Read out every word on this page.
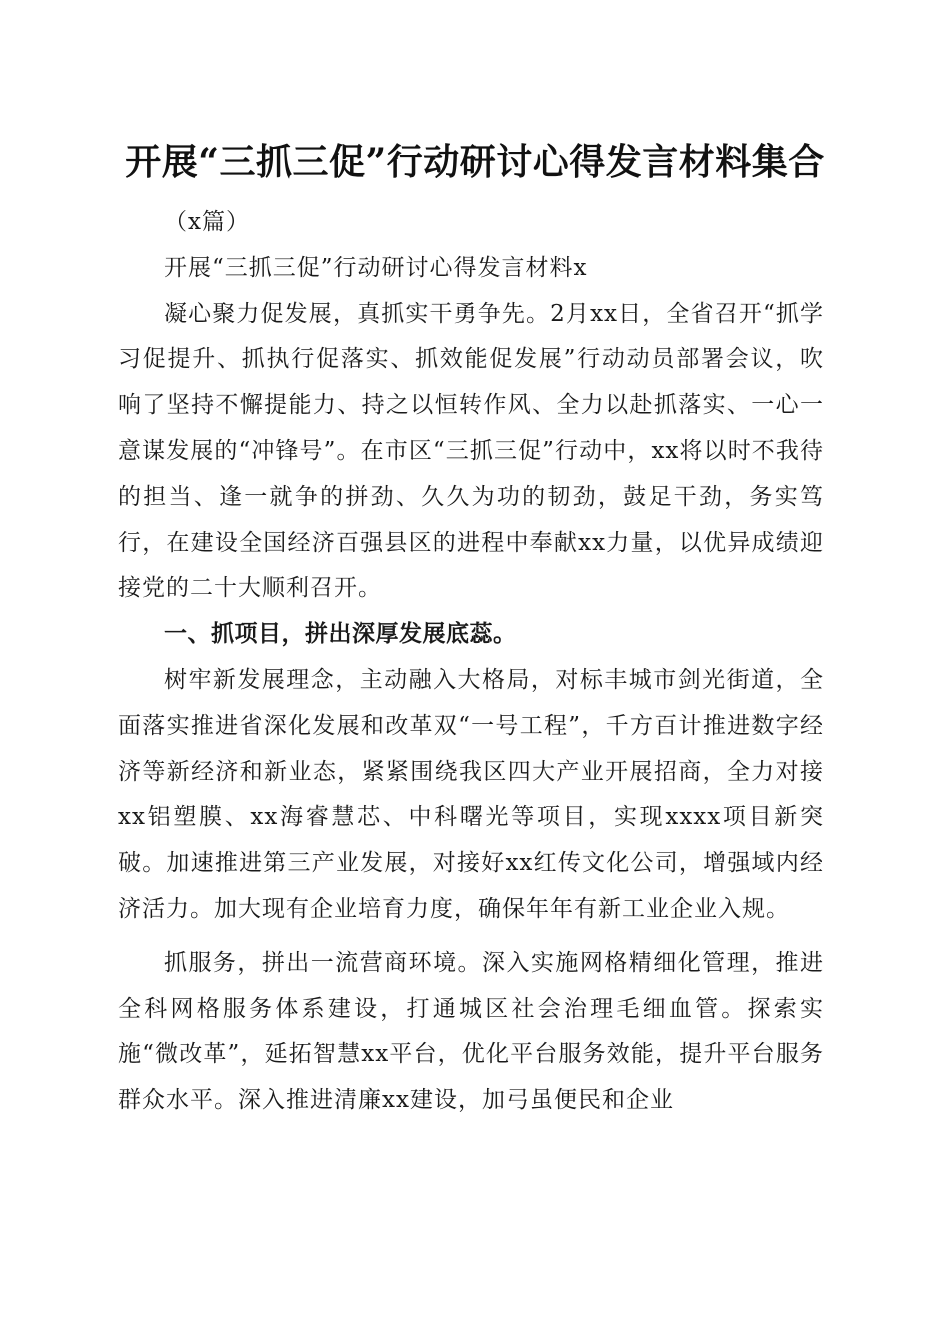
开展“三抓三促”行动研讨心得发言材料集合

（x篇）

开展“三抓三促”行动研讨心得发言材料x

凝心聚力促发展，真抓实干勇争先。2月xx日，全省召开“抓学习促提升、抓执行促落实、抓效能促发展”行动动员部署会议，吹响了坚持不懈提能力、持之以恒转作风、全力以赴抓落实、一心一意谋发展的“冲锋号”。在市区“三抓三促”行动中，xx将以时不我待的担当、逢一就争的拼劲、久久为功的韧劲，鼓足干劲，务实笃行，在建设全国经济百强县区的进程中奉献xx力量，以优异成绩迎接党的二十大顺利召开。

一、抓项目，拼出深厚发展底蕊。

树牢新发展理念，主动融入大格局，对标丰城市剑光街道，全面落实推进省深化发展和改革双“一号工程”，千方百计推进数字经济等新经济和新业态，紧紧围绕我区四大产业开展招商，全力对接xx铝塑膜、xx海睿慧芯、中科曙光等项目，实现xxxx项目新突破。加速推进第三产业发展，对接好xx红传文化公司，增强域内经济活力。加大现有企业培育力度，确保年年有新工业企业入规。

抓服务，拼出一流营商环境。深入实施网格精细化管理，推进全科网格服务体系建设，打通城区社会治理毛细血管。探索实施“微改革”，延拓智慧xx平台，优化平台服务效能，提升平台服务群众水平。深入推进清廉xx建设，加弓虽便民和企业
